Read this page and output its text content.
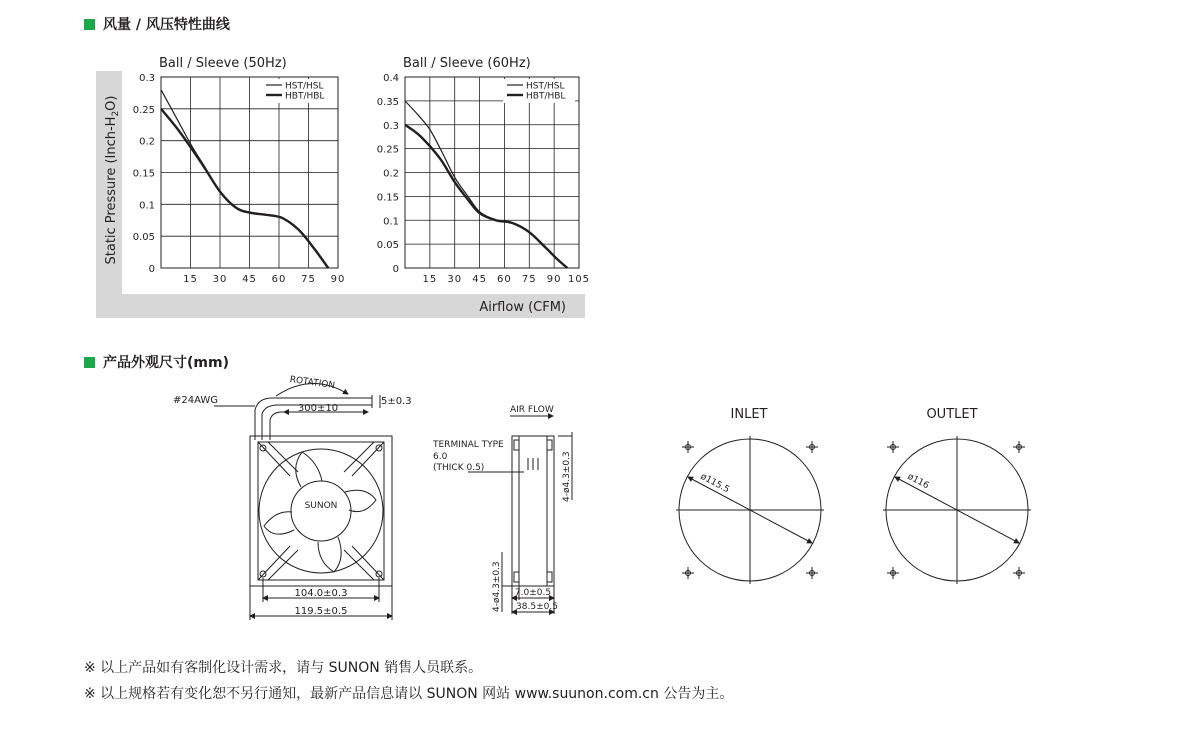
风量 / 风压特性曲线
Static Pressure $(Inch-H_2O)$
Airflow (CFM)
Ball / Sleeve (50Hz)
15 30 45 60 75 90
0
0.05
0.1
0.15
0.2
0.25
0.3
HST/HSL
HBT/HBL
Ball / Sleeve (60Hz)
15 30 45 60 75 90 105
0
0.05
0.1
0.15
0.2
0.25
0.3
0.35
0.4
HST/HSL
HBT/HBL
产品外观尺寸(mm)
#24AWG
ROTATION
300±10
5±0.3
SUNON
104.0±0.3
119.5±0.5
AIR FLOW
TERMINAL TYPE
6.0
(THICK 0.5)	4-ø4.3±0.3
4-ø4.3±0.3 7.0±0.5
38.5±0.5
INLET
ø115.5
OUTLET
ø116
※ 以上产品如有客制化设计需求，请与 SUNON 销售人员联系。
※ 以上规格若有变化恕不另行通知，最新产品信息请以 SUNON 网站 www.suunon.com.cn 公告为主。
